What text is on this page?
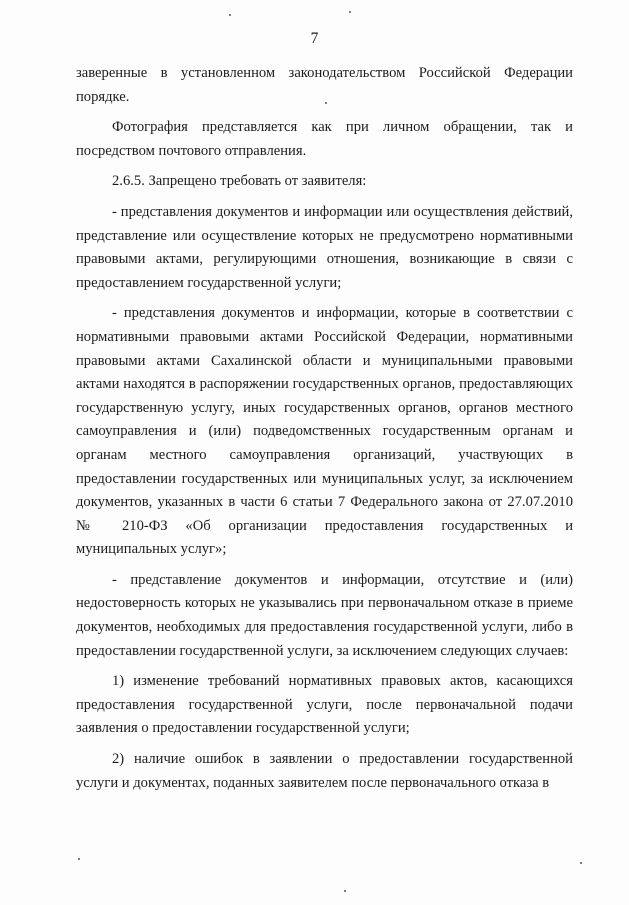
7

заверенные в установленном законодательством Российской Федерации порядке.

Фотография представляется как при личном обращении, так и посредством почтового отправления.

2.6.5. Запрещено требовать от заявителя:

- представления документов и информации или осуществления действий, представление или осуществление которых не предусмотрено нормативными правовыми актами, регулирующими отношения, возникающие в связи с предоставлением государственной услуги;

- представления документов и информации, которые в соответствии с нормативными правовыми актами Российской Федерации, нормативными правовыми актами Сахалинской области и муниципальными правовыми актами находятся в распоряжении государственных органов, предоставляющих государственную услугу, иных государственных органов, органов местного самоуправления и (или) подведомственных государственным органам и органам местного самоуправления организаций, участвующих в предоставлении государственных или муниципальных услуг, за исключением документов, указанных в части 6 статьи 7 Федерального закона от 27.07.2010 № 210-ФЗ «Об организации предоставления государственных и муниципальных услуг»;

- представление документов и информации, отсутствие и (или) недостоверность которых не указывались при первоначальном отказе в приеме документов, необходимых для предоставления государственной услуги, либо в предоставлении государственной услуги, за исключением следующих случаев:

1) изменение требований нормативных правовых актов, касающихся предоставления государственной услуги, после первоначальной подачи заявления о предоставлении государственной услуги;

2) наличие ошибок в заявлении о предоставлении государственной услуги и документах, поданных заявителем после первоначального отказа в
